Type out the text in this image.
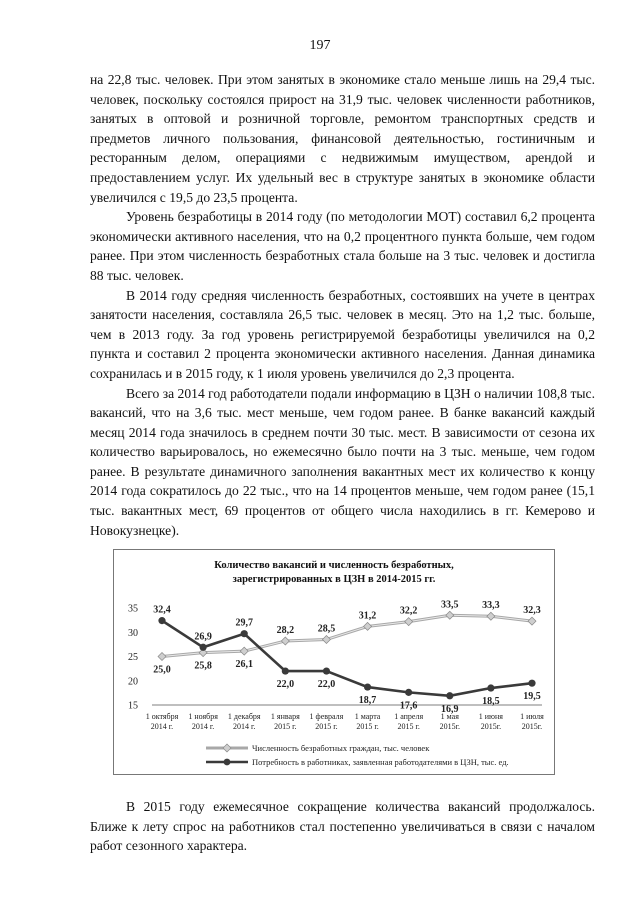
197

на 22,8 тыс. человек. При этом занятых в экономике стало меньше лишь на 29,4 тыс. человек, поскольку состоялся прирост на 31,9 тыс. человек численности работников, занятых в оптовой и розничной торговле, ремонтом транспортных средств и предметов личного пользования, финансовой деятельностью, гостиничным и ресторанным делом, операциями с недвижимым имуществом, арендой и предоставлением услуг. Их удельный вес в структуре занятых в экономике области увеличился с 19,5 до 23,5 процента.

Уровень безработицы в 2014 году (по методологии МОТ) составил 6,2 процента экономически активного населения, что на 0,2 процентного пункта больше, чем годом ранее. При этом численность безработных стала больше на 3 тыс. человек и достигла 88 тыс. человек.

В 2014 году средняя численность безработных, состоявших на учете в центрах занятости населения, составляла 26,5 тыс. человек в месяц. Это на 1,2 тыс. больше, чем в 2013 году. За год уровень регистрируемой безработицы увеличился на 0,2 пункта и составил 2 процента экономически активного населения. Данная динамика сохранилась и в 2015 году, к 1 июля уровень увеличился до 2,3 процента.

Всего за 2014 год работодатели подали информацию в ЦЗН о наличии 108,8 тыс. вакансий, что на 3,6 тыс. мест меньше, чем годом ранее. В банке вакансий каждый месяц 2014 года значилось в среднем почти 30 тыс. мест. В зависимости от сезона их количество варьировалось, но ежемесячно было почти на 3 тыс. меньше, чем годом ранее. В результате динамичного заполнения вакантных мест их количество к концу 2014 года сократилось до 22 тыс., что на 14 процентов меньше, чем годом ранее (15,1 тыс. вакантных мест, 69 процентов от общего числа находились в гг. Кемерово и Новокузнецке).

Количество вакансий и численность безработных,
зарегистрированных в ЦЗН в 2014-2015 гг.
15
20
25
30
35
1 октября
2014 г.
1 ноября
2014 г.
1 декабря
2014 г.
1 января
2015 г.
1 февраля
2015 г.
1 марта
2015 г.
1 апреля
2015 г.
1 мая
2015г.
1 июня
2015г.
1 июля
2015г.
25,0
32,4
25,8
26,9
26,1
29,7
28,2
22,0
28,5
22,0
31,2
18,7
32,2
17,6
33,5
16,9
33,3
18,5
32,3
19,5
Численность безработных граждан, тыс. человек
Потребность в работниках, заявленная работодателями в ЦЗН, тыс. ед.

В 2015 году ежемесячное сокращение количества вакансий продолжалось. Ближе к лету спрос на работников стал постепенно увеличиваться в связи с началом работ сезонного характера.
